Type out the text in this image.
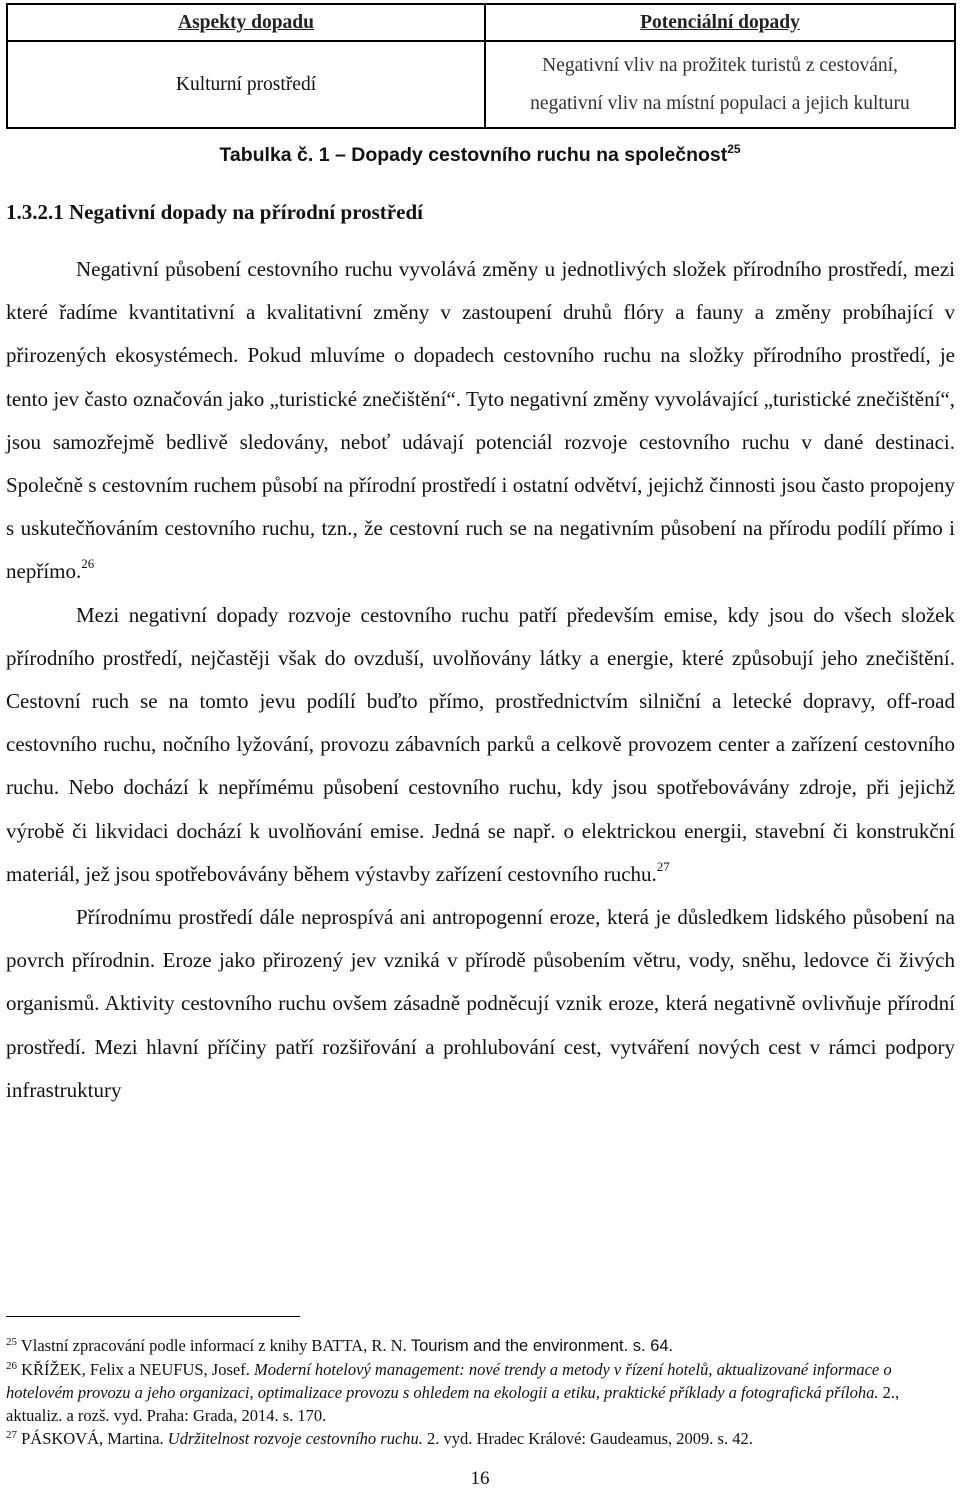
Aspekty dopadu	Potenciální dopady
Kulturní prostředí	Negativní vliv na prožitek turistů z cestování,
negativní vliv na místní populaci a jejich kulturu
Tabulka č. 1 – Dopady cestovního ruchu na společnost$^{25}$
1.3.2.1 Negativní dopady na přírodní prostředí

Negativní působení cestovního ruchu vyvolává změny u jednotlivých složek přírodního prostředí, mezi které řadíme kvantitativní a kvalitativní změny v zastoupení druhů flóry a fauny a změny probíhající v přirozených ekosystémech. Pokud mluvíme o dopadech cestovního ruchu na složky přírodního prostředí, je tento jev často označován jako „turistické znečištění“. Tyto negativní změny vyvolávající „turistické znečištění“, jsou samozřejmě bedlivě sledovány, neboť udávají potenciál rozvoje cestovního ruchu v dané destinaci. Společně s cestovním ruchem působí na přírodní prostředí i ostatní odvětví, jejichž činnosti jsou často propojeny s uskutečňováním cestovního ruchu, tzn., že cestovní ruch se na negativním působení na přírodu podílí přímo i nepřímo.$^{26}$

Mezi negativní dopady rozvoje cestovního ruchu patří především emise, kdy jsou do všech složek přírodního prostředí, nejčastěji však do ovzduší, uvolňovány látky a energie, které způsobují jeho znečištění. Cestovní ruch se na tomto jevu podílí buďto přímo, prostřednictvím silniční a letecké dopravy, off-road cestovního ruchu, nočního lyžování, provozu zábavních parků a celkově provozem center a zařízení cestovního ruchu. Nebo dochází k nepřímému působení cestovního ruchu, kdy jsou spotřebovávány zdroje, při jejichž výrobě či likvidaci dochází k uvolňování emise. Jedná se např. o elektrickou energii, stavební či konstrukční materiál, jež jsou spotřebovávány během výstavby zařízení cestovního ruchu.$^{27}$

Přírodnímu prostředí dále neprospívá ani antropogenní eroze, která je důsledkem lidského působení na povrch přírodnin. Eroze jako přirozený jev vzniká v přírodě působením větru, vody, sněhu, ledovce či živých organismů. Aktivity cestovního ruchu ovšem zásadně podněcují vznik eroze, která negativně ovlivňuje přírodní prostředí. Mezi hlavní příčiny patří rozšiřování a prohlubování cest, vytváření nových cest v rámci podpory infrastruktury

$^{25}$ Vlastní zpracování podle informací z knihy BATTA, R. N. Tourism and the environment. s. 64.

$^{26}$ KŘÍŽEK, Felix a NEUFUS, Josef. Moderní hotelový management: nové trendy a metody v řízení hotelů, aktualizované informace o hotelovém provozu a jeho organizaci, optimalizace provozu s ohledem na ekologii a etiku, praktické příklady a fotografická příloha. 2., aktualiz. a rozš. vyd. Praha: Grada, 2014. s. 170.

$^{27}$ PÁSKOVÁ, Martina. Udržitelnost rozvoje cestovního ruchu. 2. vyd. Hradec Králové: Gaudeamus, 2009. s. 42.

16
